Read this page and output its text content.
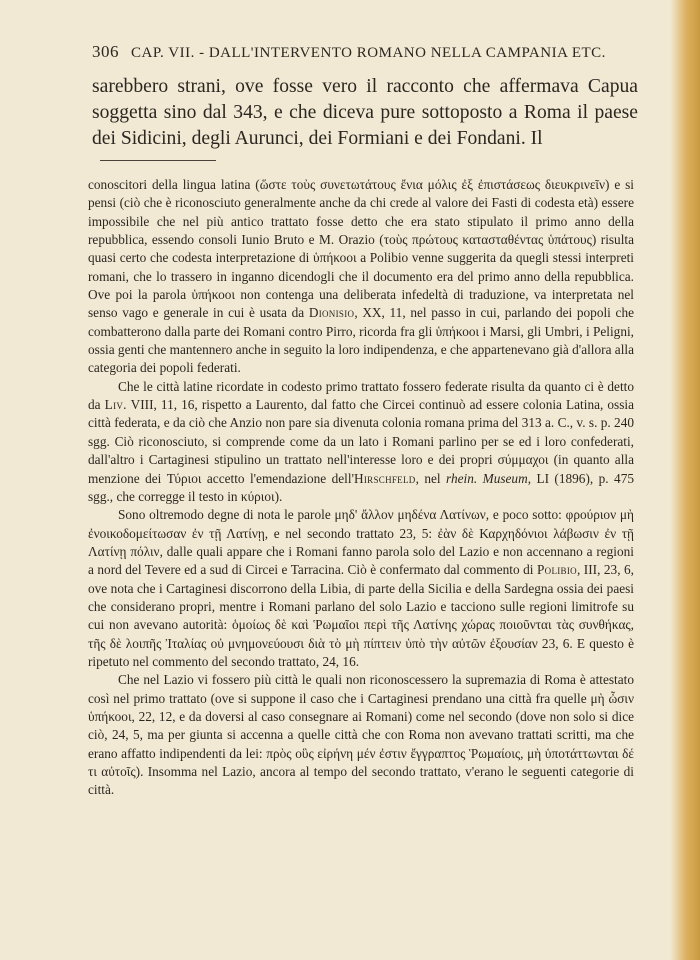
306 CAP. VII. - DALL'INTERVENTO ROMANO NELLA CAMPANIA ETC.

sarebbero strani, ove fosse vero il racconto che affermava Capua soggetta sino dal 343, e che diceva pure sottoposto a Roma il paese dei Sidicini, degli Aurunci, dei Formiani e dei Fondani. Il

conoscitori della lingua latina (ὥστε τοὺς συνετωτάτους ἔνια μόλις ἐξ ἐπιστάσεως διευκρινεῖν) e si pensi (ciò che è riconosciuto generalmente anche da chi crede al valore dei Fasti di codesta età) essere impossibile che nel più antico trattato fosse detto che era stato stipulato il primo anno della repubblica, essendo consoli Iunio Bruto e M. Orazio (τοὺς πρώτους κατασταθέντας ὑπάτους) risulta quasi certo che codesta interpretazione di ὑπήκοοι a Polibio venne suggerita da quegli stessi interpreti romani, che lo trassero in inganno dicendogli che il documento era del primo anno della repubblica. Ove poi la parola ὑπήκοοι non contenga una deliberata infedeltà di traduzione, va interpretata nel senso vago e generale in cui è usata da Dionisio, XX, 11, nel passo in cui, parlando dei popoli che combatterono dalla parte dei Romani contro Pirro, ricorda fra gli ὑπήκοοι i Marsi, gli Umbri, i Peligni, ossia genti che mantennero anche in seguito la loro indipendenza, e che appartenevano già d'allora alla categoria dei popoli federati.

Che le città latine ricordate in codesto primo trattato fossero federate risulta da quanto ci è detto da Liv. VIII, 11, 16, rispetto a Laurento, dal fatto che Circei continuò ad essere colonia Latina, ossia città federata, e da ciò che Anzio non pare sia divenuta colonia romana prima del 313 a. C., v. s. p. 240 sgg. Ciò riconosciuto, si comprende come da un lato i Romani parlino per se ed i loro confederati, dall'altro i Cartaginesi stipulino un trattato nell'interesse loro e dei propri σύμμαχοι (in quanto alla menzione dei Τύριοι accetto l'emendazione dell'Hirschfeld, nel rhein. Museum, LI (1896), p. 475 sgg., che corregge il testo in κύριοι).

Sono oltremodo degne di nota le parole μηδ' ἄλλον μηδένα Λατίνων, e poco sotto: φρούριον μὴ ἐνοικοδομείτωσαν ἐν τῇ Λατίνῃ, e nel secondo trattato 23, 5: ἐὰν δὲ Καρχηδόνιοι λάβωσιν ἐν τῇ Λατίνῃ πόλιν, dalle quali appare che i Romani fanno parola solo del Lazio e non accennano a regioni a nord del Tevere ed a sud di Circei e Tarracina. Ciò è confermato dal commento di Polibio, III, 23, 6, ove nota che i Cartaginesi discorrono della Libia, di parte della Sicilia e della Sardegna ossia dei paesi che considerano propri, mentre i Romani parlano del solo Lazio e tacciono sulle regioni limitrofe su cui non avevano autorità: ὁμοίως δὲ καὶ Ῥωμαῖοι περὶ τῆς Λατίνης χώρας ποιοῦνται τὰς συνθήκας, τῆς δὲ λοιπῆς Ἰταλίας οὐ μνημονεύουσι διὰ τὸ μὴ πίπτειν ὑπὸ τὴν αὐτῶν ἐξουσίαν 23, 6. E questo è ripetuto nel commento del secondo trattato, 24, 16.

Che nel Lazio vi fossero più città le quali non riconoscessero la supremazia di Roma è attestato così nel primo trattato (ove si suppone il caso che i Cartaginesi prendano una città fra quelle μὴ ὦσιν ὑπήκοοι, 22, 12, e da doversi al caso consegnare ai Romani) come nel secondo (dove non solo si dice ciò, 24, 5, ma per giunta si accenna a quelle città che con Roma non avevano trattati scritti, ma che erano affatto indipendenti da lei: πρὸς οὓς εἰρήνη μέν ἐστιν ἔγγραπτος Ῥωμαίοις, μὴ ὑποτάττωνται δέ τι αὐτοῖς). Insomma nel Lazio, ancora al tempo del secondo trattato, v'erano le seguenti categorie di città.
